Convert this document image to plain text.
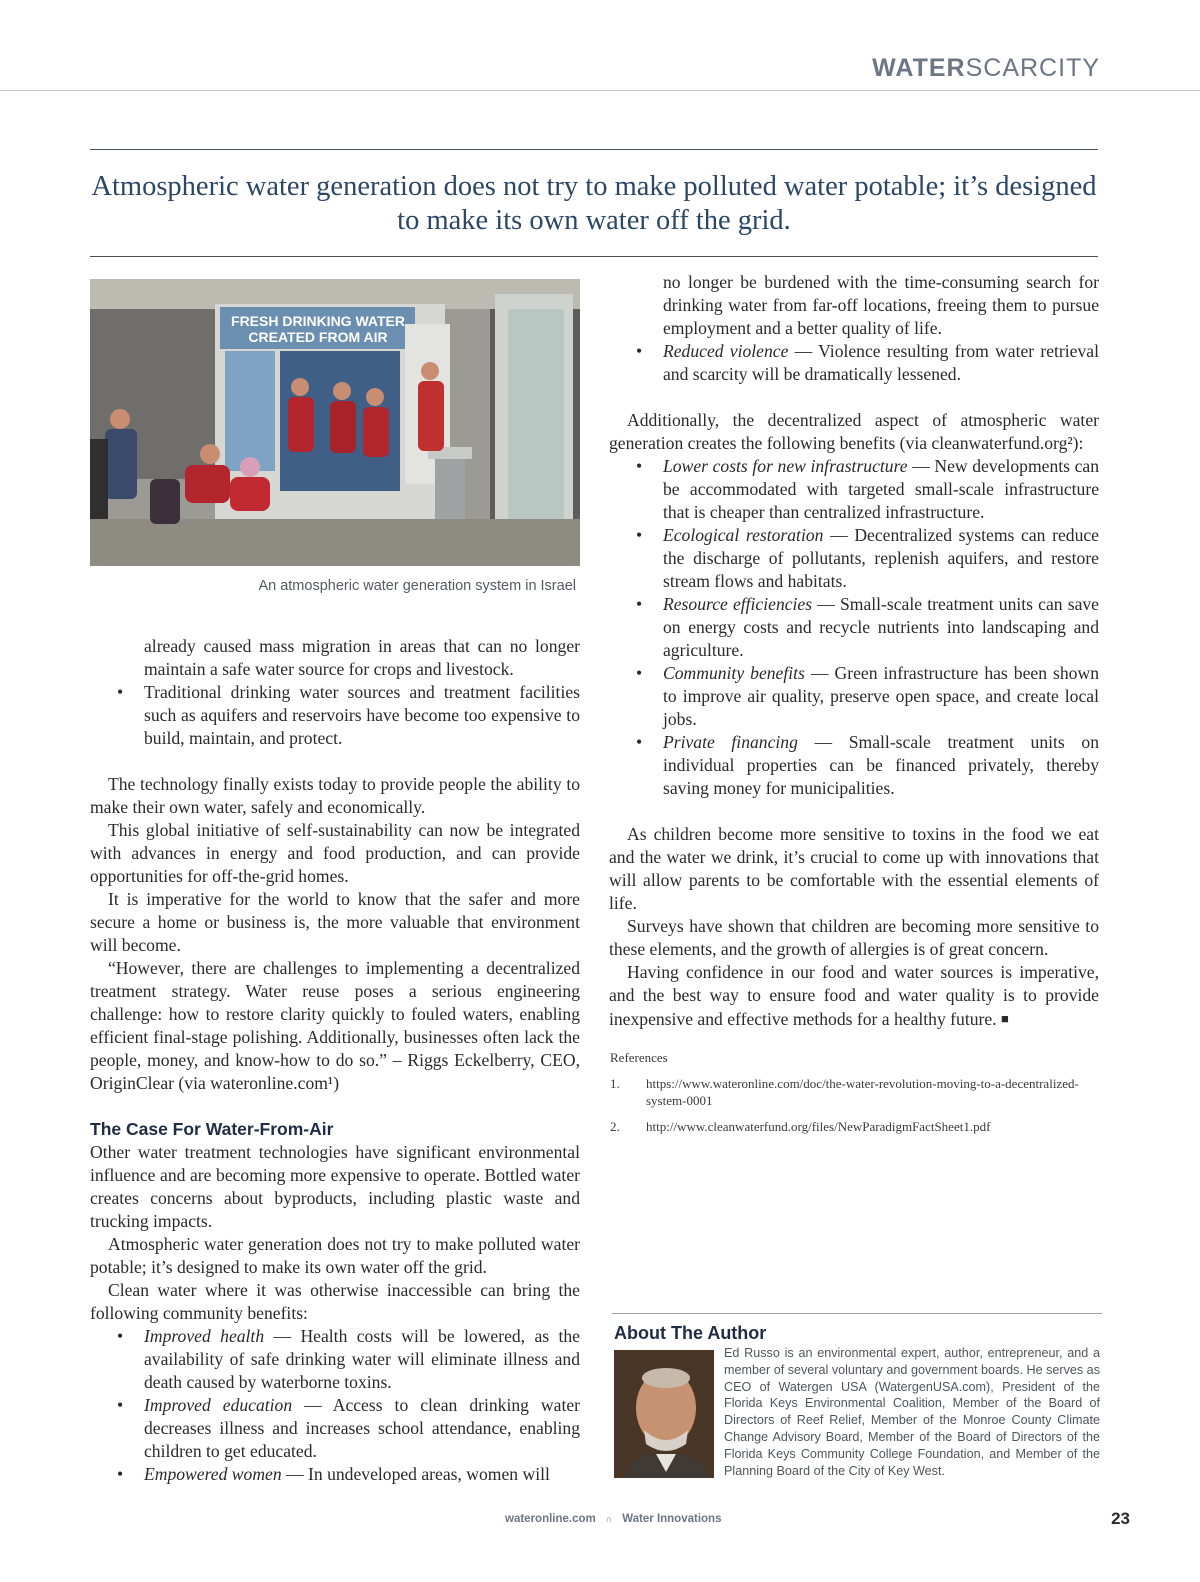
WATERSCARCITY
Atmospheric water generation does not try to make polluted water potable; it’s designed to make its own water off the grid.
FRESH DRINKING WATER
CREATED FROM AIR
An atmospheric water generation system in Israel

already caused mass migration in areas that can no longer maintain a safe water source for crops and livestock.

• Traditional drinking water sources and treatment facilities such as aquifers and reservoirs have become too expensive to build, maintain, and protect.

The technology finally exists today to provide people the ability to make their own water, safely and economically.

This global initiative of self-sustainability can now be integrated with advances in energy and food production, and can provide opportunities for off-the-grid homes.

It is imperative for the world to know that the safer and more secure a home or business is, the more valuable that environment will become.

“However, there are challenges to implementing a decentralized treatment strategy. Water reuse poses a serious engineering challenge: how to restore clarity quickly to fouled waters, enabling efficient final-stage polishing. Additionally, businesses often lack the people, money, and know-how to do so.” – Riggs Eckelberry, CEO, OriginClear (via wateronline.com¹)

The Case For Water-From-Air

Other water treatment technologies have significant environmental influence and are becoming more expensive to operate. Bottled water creates concerns about byproducts, including plastic waste and trucking impacts.

Atmospheric water generation does not try to make polluted water potable; it’s designed to make its own water off the grid.

Clean water where it was otherwise inaccessible can bring the following community benefits:

• Improved health — Health costs will be lowered, as the availability of safe drinking water will eliminate illness and death caused by waterborne toxins.
• Improved education — Access to clean drinking water decreases illness and increases school attendance, enabling children to get educated.
• Empowered women — In undeveloped areas, women will

no longer be burdened with the time-consuming search for drinking water from far-off locations, freeing them to pursue employment and a better quality of life.

• Reduced violence — Violence resulting from water retrieval and scarcity will be dramatically lessened.

Additionally, the decentralized aspect of atmospheric water generation creates the following benefits (via cleanwaterfund.org²):

• Lower costs for new infrastructure — New developments can be accommodated with targeted small-scale infrastructure that is cheaper than centralized infrastructure.
• Ecological restoration — Decentralized systems can reduce the discharge of pollutants, replenish aquifers, and restore stream flows and habitats.
• Resource efficiencies — Small-scale treatment units can save on energy costs and recycle nutrients into landscaping and agriculture.
• Community benefits — Green infrastructure has been shown to improve air quality, preserve open space, and create local jobs.
• Private financing — Small-scale treatment units on individual properties can be financed privately, thereby saving money for municipalities.

As children become more sensitive to toxins in the food we eat and the water we drink, it’s crucial to come up with innovations that will allow parents to be comfortable with the essential elements of life.

Surveys have shown that children are becoming more sensitive to these elements, and the growth of allergies is of great concern.

Having confidence in our food and water sources is imperative, and the best way to ensure food and water quality is to provide inexpensive and effective methods for a healthy future. ■

References
1.	https://www.wateronline.com/doc/the-water-revolution-moving-to-a-decentralized-system-0001
2.	http://www.cleanwaterfund.org/files/NewParadigmFactSheet1.pdf
About The Author
Ed Russo is an environmental expert, author, entrepreneur, and a member of several voluntary and government boards. He serves as CEO of Watergen USA (WatergenUSA.com), President of the Florida Keys Environmental Coalition, Member of the Board of Directors of Reef Relief, Member of the Monroe County Climate Change Advisory Board, Member of the Board of Directors of the Florida Keys Community College Foundation, and Member of the Planning Board of the City of Key West.
wateronline.com ∩ Water Innovations	23
